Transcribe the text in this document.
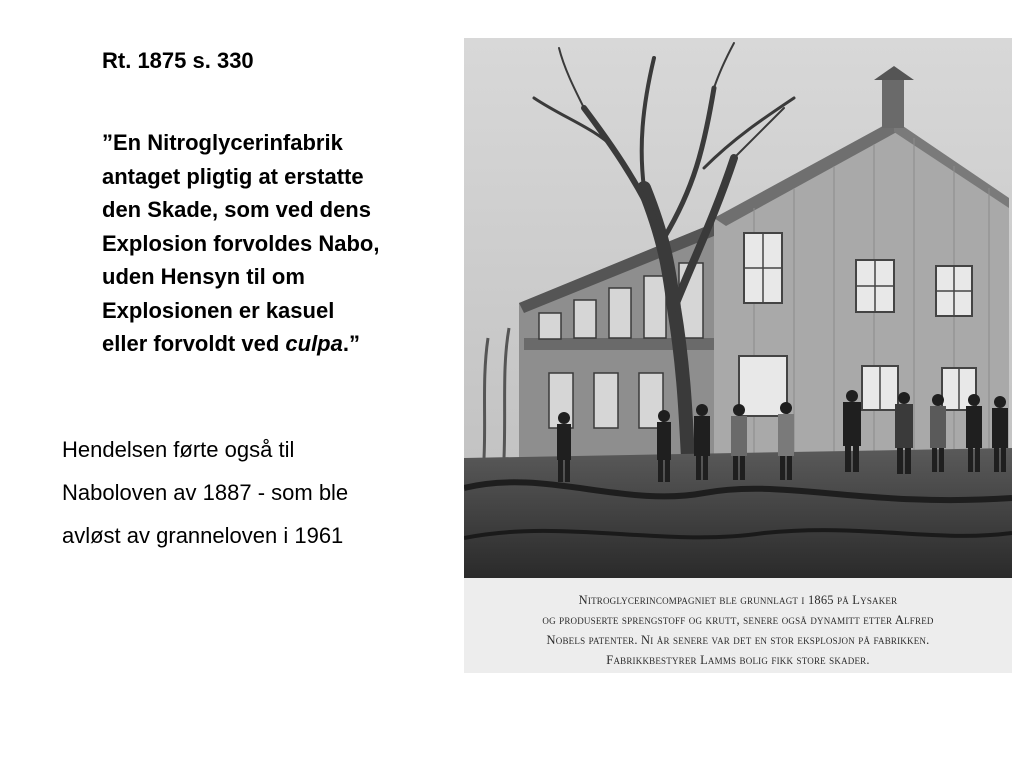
Rt. 1875 s. 330
”En Nitroglycerinfabrik
antaget pligtig at erstatte
den Skade, som ved dens
Explosion forvoldes Nabo,
uden Hensyn til om
Explosionen er kasuel
eller forvoldt ved culpa.”
Hendelsen førte også til
Naboloven av 1887 - som ble
avløst av granneloven i 1961
Nitroglycerincompagniet ble grunnlagt i 1865 på Lysaker
og produserte sprengstoff og krutt, senere også dynamitt etter Alfred
Nobels patenter. Ni år senere var det en stor eksplosjon på fabrikken.
Fabrikkbestyrer Lamms bolig fikk store skader.
